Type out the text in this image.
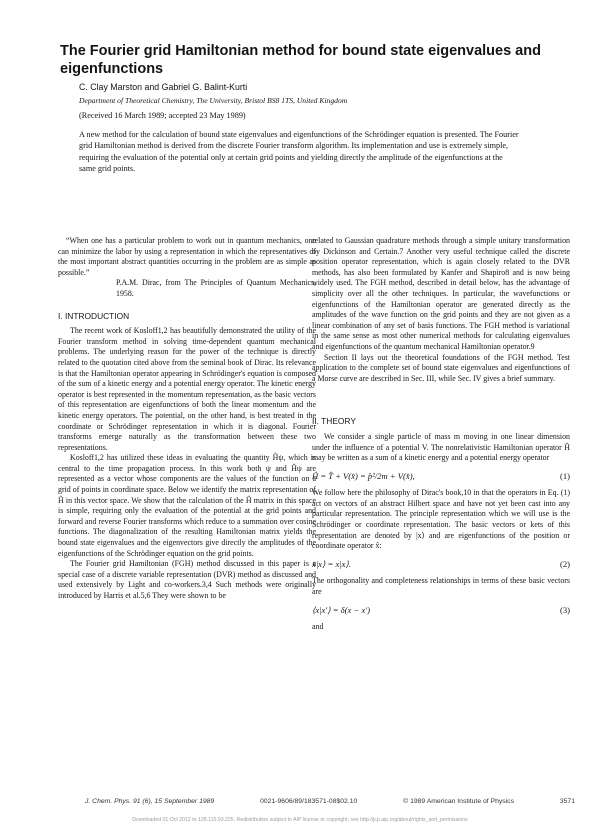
The Fourier grid Hamiltonian method for bound state eigenvalues and eigenfunctions

C. Clay Marston and Gabriel G. Balint-Kurti

Department of Theoretical Chemistry, The University, Bristol BS8 1TS, United Kingdom

(Received 16 March 1989; accepted 23 May 1989)

A new method for the calculation of bound state eigenvalues and eigenfunctions of the Schrödinger equation is presented. The Fourier grid Hamiltonian method is derived from the discrete Fourier transform algorithm. Its implementation and use is extremely simple, requiring the evaluation of the potential only at certain grid points and yielding directly the amplitude of the eigenfunctions at the same grid points.

“When one has a particular problem to work out in quantum mechanics, one can minimize the labor by using a representation in which the representatives of the most important abstract quantities occurring in the problem are as simple as possible.”

P.A.M. Dirac, from The Principles of Quantum Mechanics, 1958.

I. INTRODUCTION

The recent work of Kosloff1,2 has beautifully demonstrated the utility of the Fourier transform method in solving time-dependent quantum mechanical problems. The underlying reason for the power of the technique is directly related to the quotation cited above from the seminal book of Dirac. Its relevance is that the Hamiltonian operator appearing in Schrödinger's equation is composed of the sum of a kinetic energy and a potential energy operator. The kinetic energy operator is best represented in the momentum representation, as the basic vectors of this representation are eigenfunctions of both the linear momentum and the kinetic energy operators. The potential, on the other hand, is best treated in the coordinate or Schrödinger representation in which it is diagonal. Fourier transforms emerge naturally as the transformation between these two representations.

Kosloff1,2 has utilized these ideas in evaluating the quantity Ĥψ, which is central to the time propagation process. In this work both ψ and Ĥψ are represented as a vector whose components are the values of the function on a grid of points in coordinate space. Below we identify the matrix representation of Ĥ in this vector space. We show that the calculation of the Ĥ matrix in this space is simple, requiring only the evaluation of the potential at the grid points and forward and reverse Fourier transforms which reduce to a summation over cosine functions. The diagonalization of the resulting Hamiltonian matrix yields the bound state eigenvalues and the eigenvectors give directly the amplitudes of the eigenfunctions of the Schrödinger equation on the grid points.

The Fourier grid Hamiltonian (FGH) method discussed in this paper is a special case of a discrete variable representation (DVR) method as discussed and used extensively by Light and co-workers.3,4 Such methods were originally introduced by Harris et al.5,6 They were shown to be

related to Gaussian quadrature methods through a simple unitary transformation by Dickinson and Certain.7 Another very useful technique called the discrete position operator representation, which is again closely related to the DVR methods, has also been formulated by Kanfer and Shapiro8 and is now being widely used. The FGH method, described in detail below, has the advantage of simplicity over all the other techniques. In particular, the wavefunctions or eigenfunctions of the Hamiltonian operator are generated directly as the amplitudes of the wave function on the grid points and they are not given as a linear combination of any set of basis functions. The FGH method is variational in the same sense as most other numerical methods for calculating eigenvalues and eigenfunctions of the quantum mechanical Hamiltonian operator.9

Section II lays out the theoretical foundations of the FGH method. Test application to the complete set of bound state eigenvalues and eigenfunctions of a Morse curve are described in Sec. III, while Sec. IV gives a brief summary.

II. THEORY

We consider a single particle of mass m moving in one linear dimension under the influence of a potential V. The nonrelativistic Hamiltonian operator Ĥ may be written as a sum of a kinetic energy and a potential energy operator

Ĥ = T̂ + V(x̂) = p̂²/2m + V(x̂),	(1)

We follow here the philosophy of Dirac's book,10 in that the operators in Eq. (1) act on vectors of an abstract Hilbert space and have not yet been cast into any particular representation. The principle representation which we will use is the Schrödinger or coordinate representation. The basic vectors or kets of this representation are denoted by |x⟩ and are eigenfunctions of the position or coordinate operator x̂:

x̂|x⟩ = x|x⟩.	(2)

The orthogonality and completeness relationships in terms of these basic vectors are

⟨x|x′⟩ = δ(x − x′)	(3)

and

J. Chem. Phys. 91 (6), 15 September 1989	0021-9606/89/183571-08$02.10	© 1989 American Institute of Physics	3571
Downloaded 01 Oct 2012 to 128.110.93.225. Redistribution subject to AIP license or copyright; see http://jcp.aip.org/about/rights_and_permissions
